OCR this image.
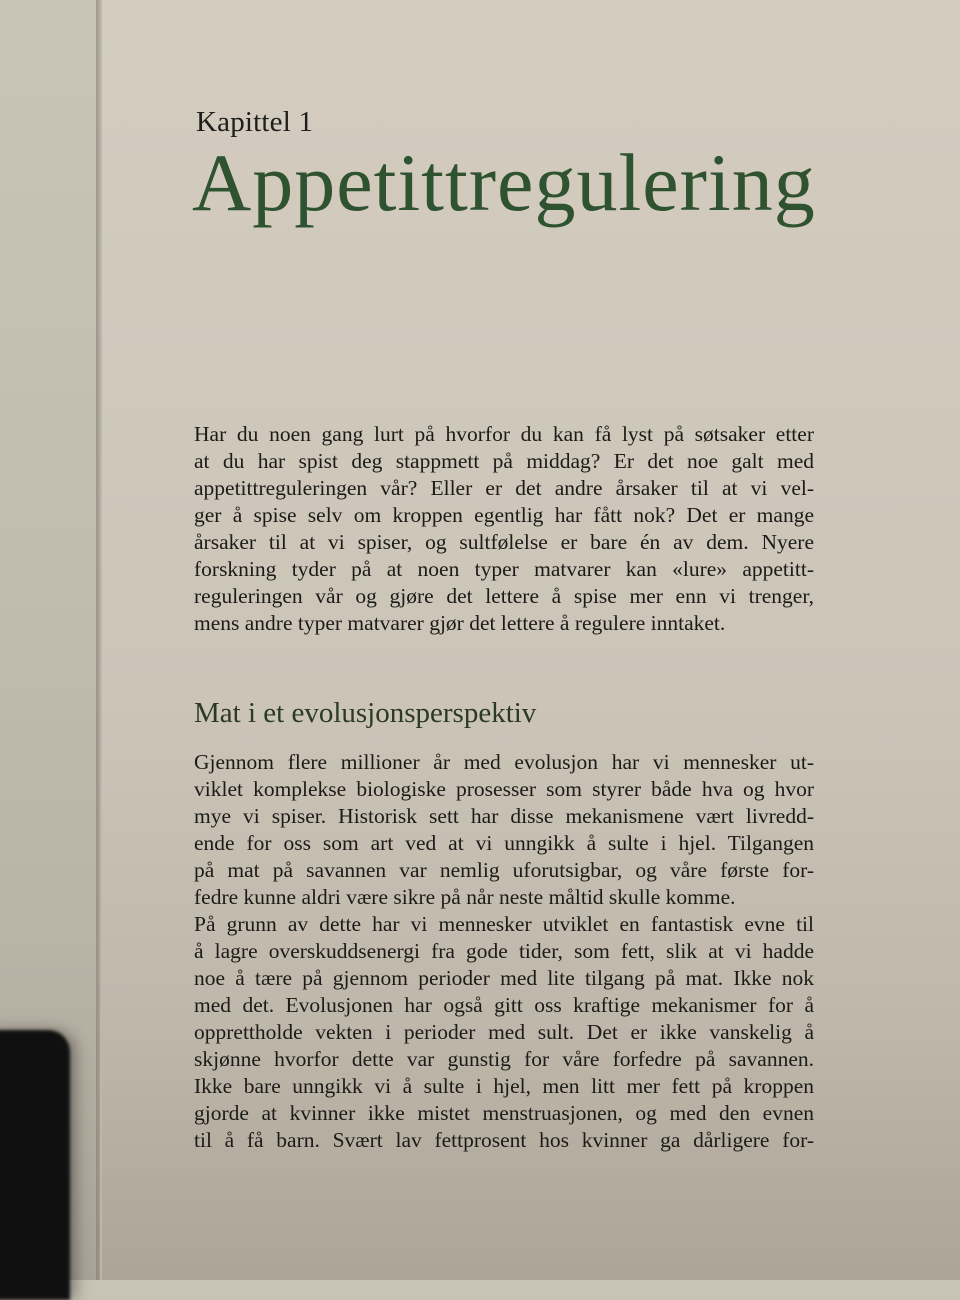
Kapittel 1
Appetittregulering
Har du noen gang lurt på hvorfor du kan få lyst på søtsaker etter
at du har spist deg stappmett på middag? Er det noe galt med
appetittreguleringen vår? Eller er det andre årsaker til at vi vel-
ger å spise selv om kroppen egentlig har fått nok? Det er mange
årsaker til at vi spiser, og sultfølelse er bare én av dem. Nyere
forskning tyder på at noen typer matvarer kan «lure» appetitt-
reguleringen vår og gjøre det lettere å spise mer enn vi trenger,
mens andre typer matvarer gjør det lettere å regulere inntaket.
Mat i et evolusjonsperspektiv
Gjennom flere millioner år med evolusjon har vi mennesker ut-
viklet komplekse biologiske prosesser som styrer både hva og hvor
mye vi spiser. Historisk sett har disse mekanismene vært livredd-
ende for oss som art ved at vi unngikk å sulte i hjel. Tilgangen
på mat på savannen var nemlig uforutsigbar, og våre første for-
fedre kunne aldri være sikre på når neste måltid skulle komme.
På grunn av dette har vi mennesker utviklet en fantastisk evne til
å lagre overskuddsenergi fra gode tider, som fett, slik at vi hadde
noe å tære på gjennom perioder med lite tilgang på mat. Ikke nok
med det. Evolusjonen har også gitt oss kraftige mekanismer for å
opprettholde vekten i perioder med sult. Det er ikke vanskelig å
skjønne hvorfor dette var gunstig for våre forfedre på savannen.
Ikke bare unngikk vi å sulte i hjel, men litt mer fett på kroppen
gjorde at kvinner ikke mistet menstruasjonen, og med den evnen
til å få barn. Svært lav fettprosent hos kvinner ga dårligere for-
